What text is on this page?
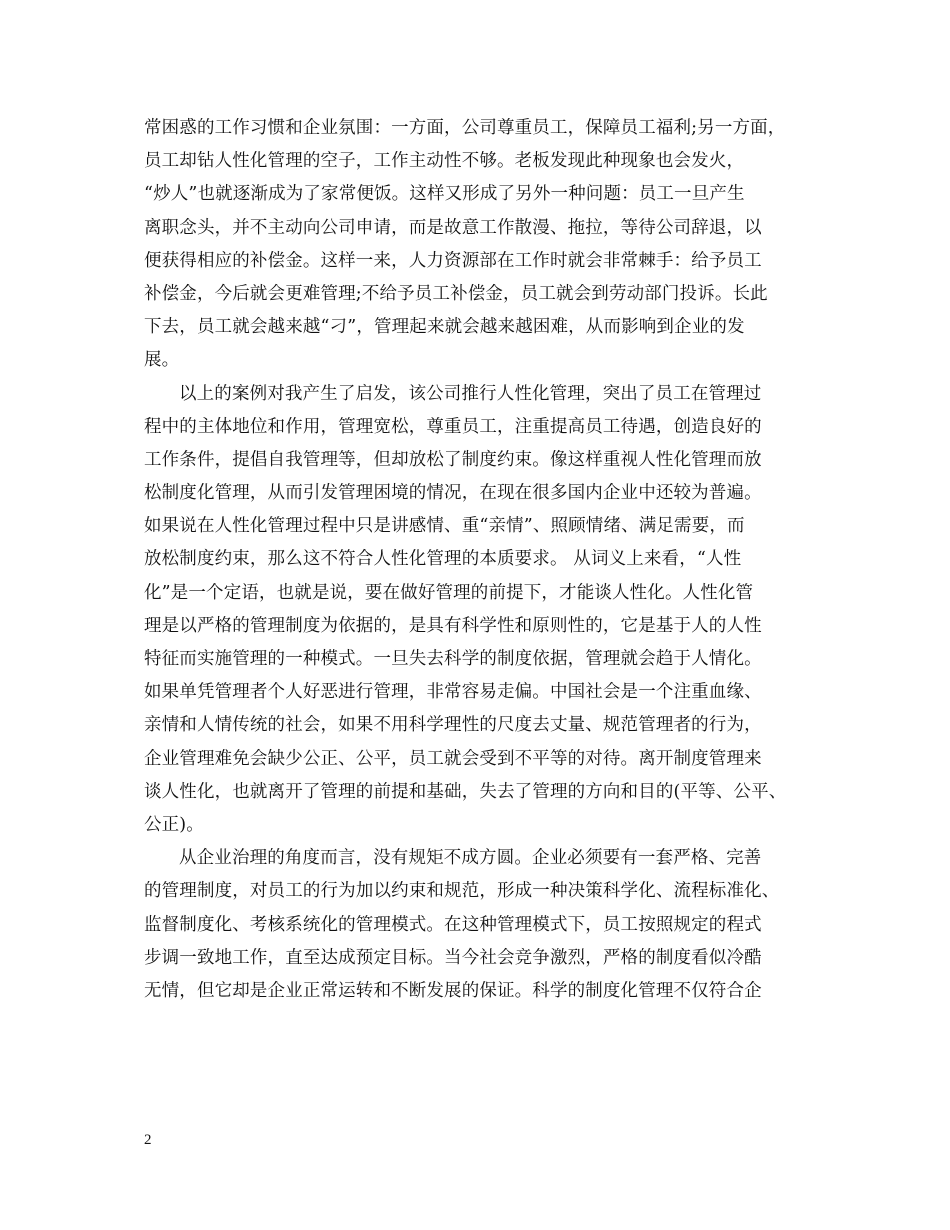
常困惑的工作习惯和企业氛围：一方面，公司尊重员工，保障员工福利;另一方面，
员工却钻人性化管理的空子，工作主动性不够。老板发现此种现象也会发火，
“炒人”也就逐渐成为了家常便饭。这样又形成了另外一种问题：员工一旦产生
离职念头，并不主动向公司申请，而是故意工作散漫、拖拉，等待公司辞退，以
便获得相应的补偿金。这样一来，人力资源部在工作时就会非常棘手：给予员工
补偿金，今后就会更难管理;不给予员工补偿金，员工就会到劳动部门投诉。长此
下去，员工就会越来越“刁”，管理起来就会越来越困难，从而影响到企业的发
展。
以上的案例对我产生了启发，该公司推行人性化管理，突出了员工在管理过
程中的主体地位和作用，管理宽松，尊重员工，注重提高员工待遇，创造良好的
工作条件，提倡自我管理等，但却放松了制度约束。像这样重视人性化管理而放
松制度化管理，从而引发管理困境的情况，在现在很多国内企业中还较为普遍。
如果说在人性化管理过程中只是讲感情、重“亲情”、照顾情绪、满足需要，而
放松制度约束，那么这不符合人性化管理的本质要求。 从词义上来看，“人性
化”是一个定语，也就是说，要在做好管理的前提下，才能谈人性化。人性化管
理是以严格的管理制度为依据的，是具有科学性和原则性的，它是基于人的人性
特征而实施管理的一种模式。一旦失去科学的制度依据，管理就会趋于人情化。
如果单凭管理者个人好恶进行管理，非常容易走偏。中国社会是一个注重血缘、
亲情和人情传统的社会，如果不用科学理性的尺度去丈量、规范管理者的行为，
企业管理难免会缺少公正、公平，员工就会受到不平等的对待。离开制度管理来
谈人性化，也就离开了管理的前提和基础，失去了管理的方向和目的(平等、公平、
公正)。
从企业治理的角度而言，没有规矩不成方圆。企业必须要有一套严格、完善
的管理制度，对员工的行为加以约束和规范，形成一种决策科学化、流程标准化、
监督制度化、考核系统化的管理模式。在这种管理模式下，员工按照规定的程式
步调一致地工作，直至达成预定目标。当今社会竞争激烈，严格的制度看似冷酷
无情，但它却是企业正常运转和不断发展的保证。科学的制度化管理不仅符合企
2
